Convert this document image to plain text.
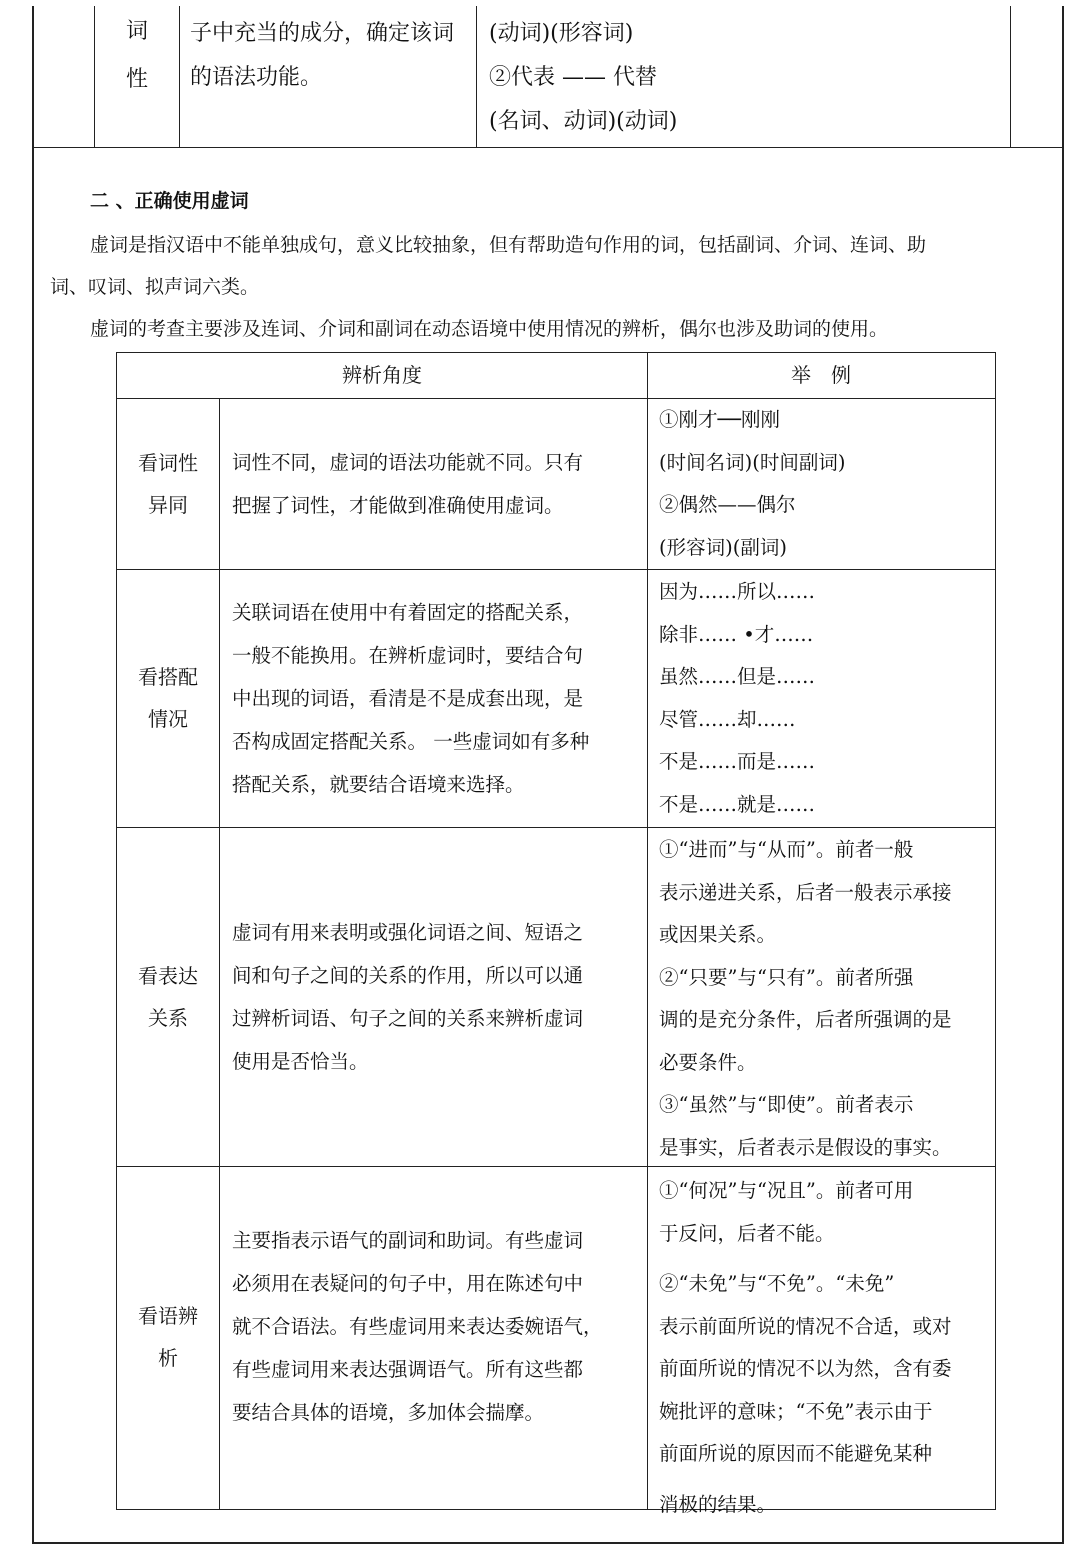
词
性
子中充当的成分，确定该词
的语法功能。
(动词)(形容词)
②代表 —— 代替
(名词、动词)(动词)
二 、正确使用虚词
虚词是指汉语中不能单独成句，意义比较抽象，但有帮助造句作用的词，包括副词、介词、连词、助
词、叹词、拟声词六类。
虚词的考查主要涉及连词、介词和副词在动态语境中使用情况的辨析，偶尔也涉及助词的使用。
辨析角度	举　例
看词性
异同
词性不同，虚词的语法功能就不同。只有
把握了词性，才能做到准确使用虚词。
①刚才──刚刚
(时间名词)(时间副词)
②偶然——偶尔
(形容词)(副词)
看搭配
情况
关联词语在使用中有着固定的搭配关系，
一般不能换用。在辨析虚词时，要结合句
中出现的词语，看清是不是成套出现，是
否构成固定搭配关系。 一些虚词如有多种
搭配关系，就要结合语境来选择。
因为……所以……
除非…… •才……
虽然……但是……
尽管……却……
不是……而是……
不是……就是……
看表达
关系
虚词有用来表明或强化词语之间、短语之
间和句子之间的关系的作用，所以可以通
过辨析词语、句子之间的关系来辨析虚词
使用是否恰当。
①“进而”与“从而”。前者一般
表示递进关系，后者一般表示承接
或因果关系。
②“只要”与“只有”。前者所强
调的是充分条件，后者所强调的是
必要条件。
③“虽然”与“即使”。前者表示
是事实，后者表示是假设的事实。
看语辨
析
主要指表示语气的副词和助词。有些虚词
必须用在表疑问的句子中，用在陈述句中
就不合语法。有些虚词用来表达委婉语气，
有些虚词用来表达强调语气。所有这些都
要结合具体的语境，多加体会揣摩。
①“何况”与“况且”。前者可用
于反问，后者不能。
②“未免”与“不免”。“未免”
表示前面所说的情况不合适，或对
前面所说的情况不以为然，含有委
婉批评的意味；“不免”表示由于
前面所说的原因而不能避免某种
消极的结果。
